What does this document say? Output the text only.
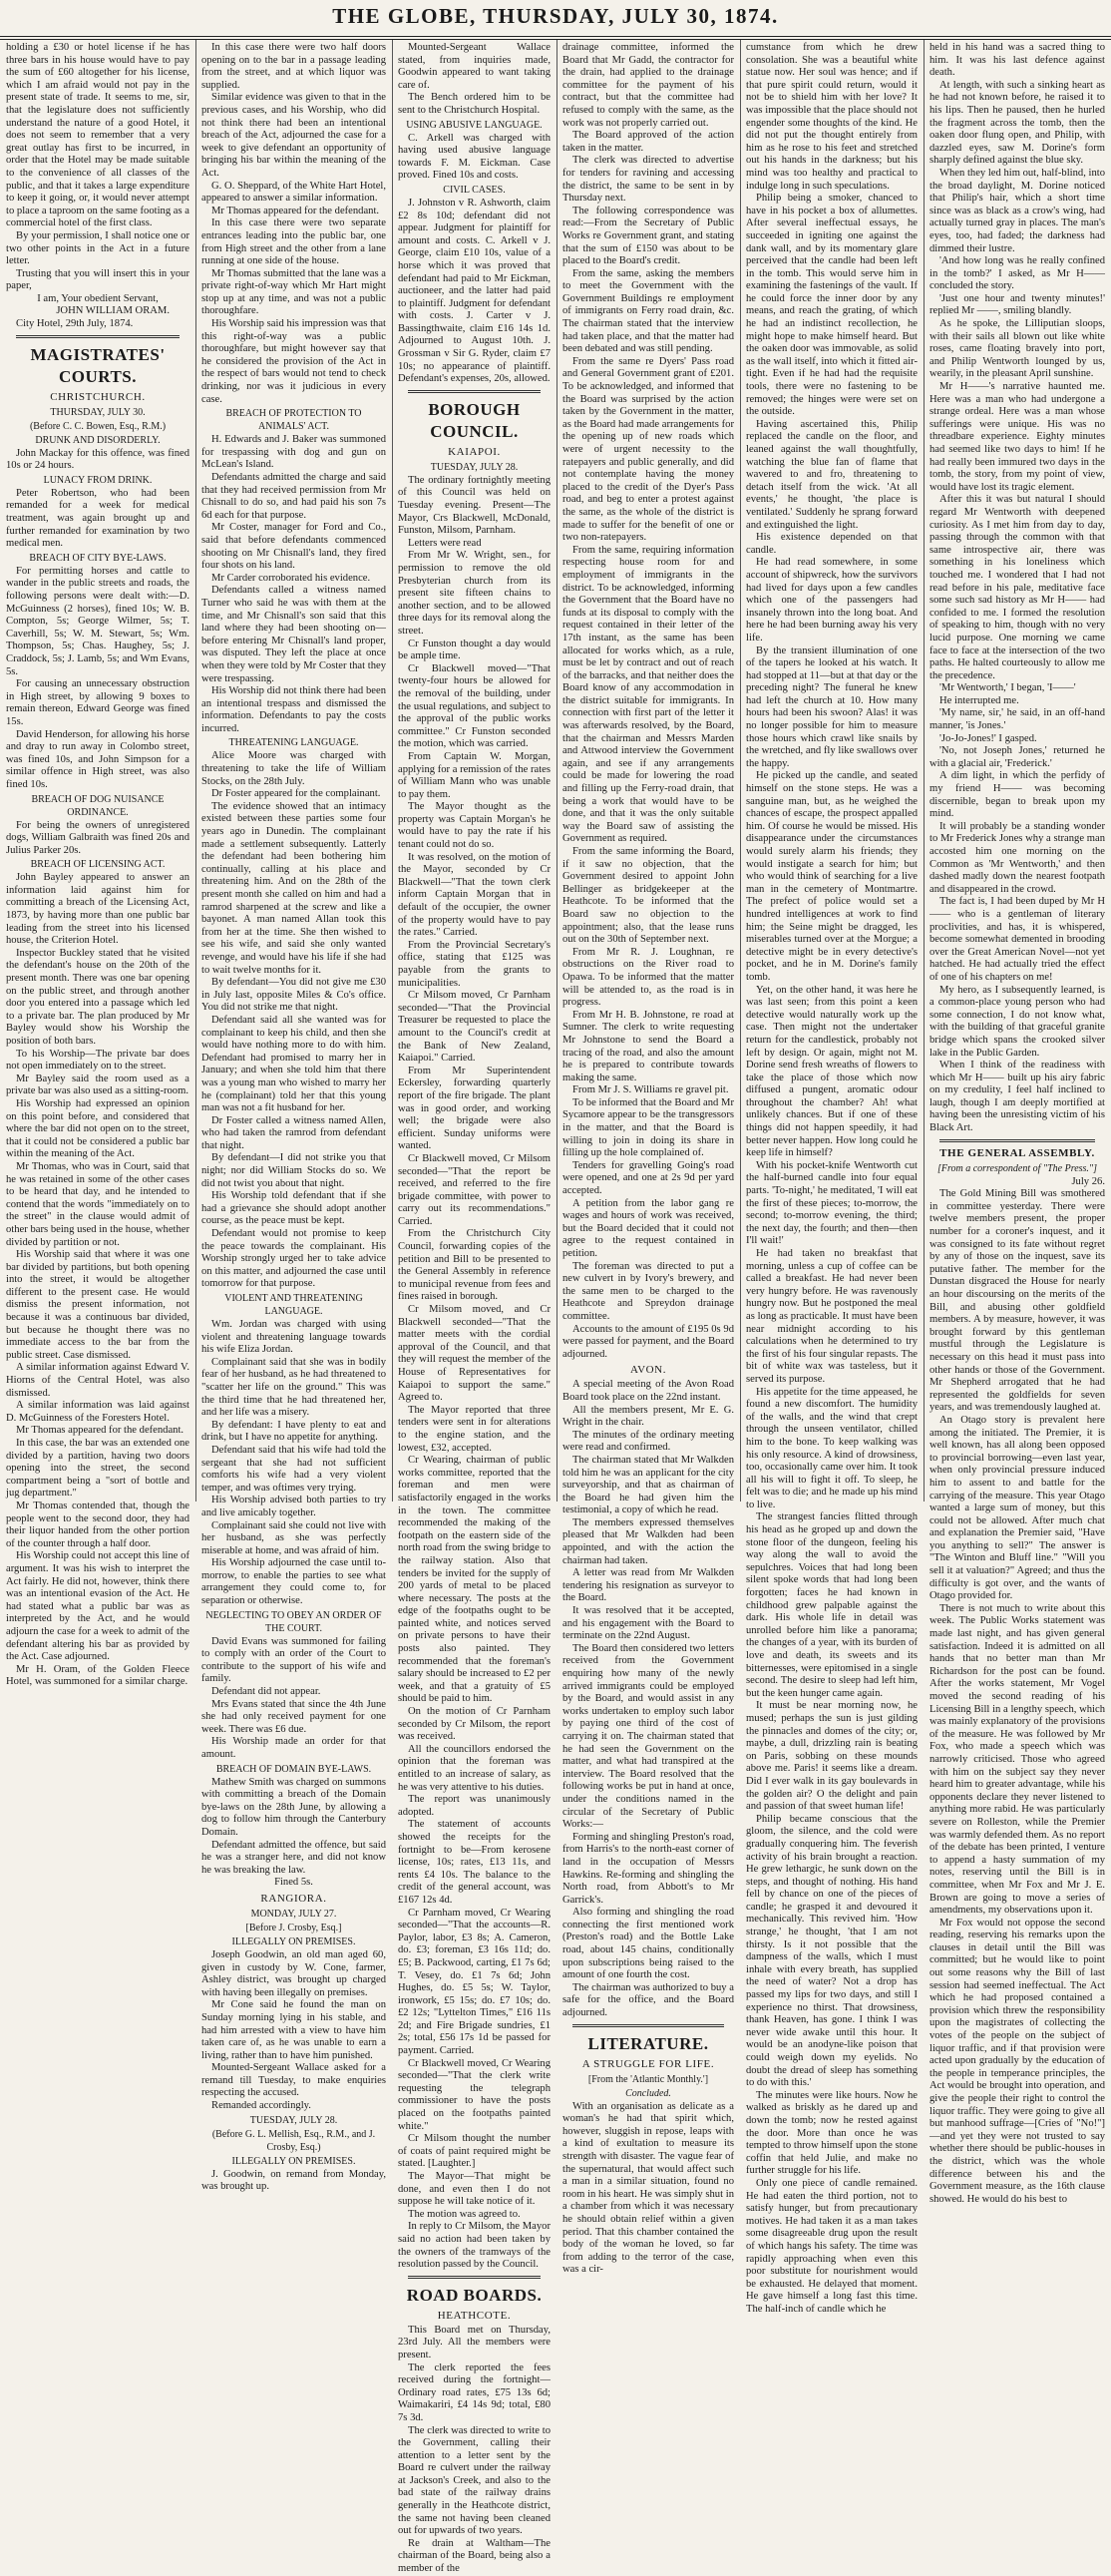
THE GLOBE, THURSDAY, JULY 30, 1874.

holding a £30 or hotel license if he has three bars in his house would have to pay the sum of £60 altogether for his license, which I am afraid would not pay in the present state of trade. It seems to me, sir, that the legislature does not sufficiently understand the nature of a good Hotel, it does not seem to remember that a very great outlay has first to be incurred, in order that the Hotel may be made suitable to the convenience of all classes of the public, and that it takes a large expenditure to keep it going, or, it would never attempt to place a taproom on the same footing as a commercial hotel of the first class.

By your permission, I shall notice one or two other points in the Act in a future letter.

Trusting that you will insert this in your paper,

I am, Your obedient Servant,

JOHN WILLIAM ORAM.

City Hotel, 29th July, 1874.

MAGISTRATES' COURTS.
CHRISTCHURCH.
THURSDAY, JULY 30.
(Before C. C. Bowen, Esq., R.M.)
DRUNK AND DISORDERLY.

John Mackay for this offence, was fined 10s or 24 hours.

LUNACY FROM DRINK.

Peter Robertson, who had been remanded for a week for medical treatment, was again brought up and further remanded for examination by two medical men.

BREACH OF CITY BYE-LAWS.

For permitting horses and cattle to wander in the public streets and roads, the following persons were dealt with:—D. McGuinness (2 horses), fined 10s; W. B. Compton, 5s; George Wilmer, 5s; T. Caverhill, 5s; W. M. Stewart, 5s; Wm. Thompson, 5s; Chas. Haughey, 5s; J. Craddock, 5s; J. Lamb, 5s; and Wm Evans, 5s.

For causing an unnecessary obstruction in High street, by allowing 9 boxes to remain thereon, Edward George was fined 15s.

David Henderson, for allowing his horse and dray to run away in Colombo street, was fined 10s, and John Simpson for a similar offence in High street, was also fined 10s.

BREACH OF DOG NUISANCE ORDINANCE.

For being the owners of unregistered dogs, William Galbraith was fined 20s and Julius Parker 20s.

BREACH OF LICENSING ACT.

John Bayley appeared to answer an information laid against him for committing a breach of the Licensing Act, 1873, by having more than one public bar leading from the street into his licensed house, the Criterion Hotel.

Inspector Buckley stated that he visited the defendant's house on the 20th of the present month. There was one bar opening on the public street, and through another door you entered into a passage which led to a private bar. The plan produced by Mr Bayley would show his Worship the position of both bars.

To his Worship—The private bar does not open immediately on to the street.

Mr Bayley said the room used as a private bar was also used as a sitting-room.

His Worship had expressed an opinion on this point before, and considered that where the bar did not open on to the street, that it could not be considered a public bar within the meaning of the Act.

Mr Thomas, who was in Court, said that he was retained in some of the other cases to be heard that day, and he intended to contend that the words "immediately on to the street" in the clause would admit of other bars being used in the house, whether divided by partition or not.

His Worship said that where it was one bar divided by partitions, but both opening into the street, it would be altogether different to the present case. He would dismiss the present information, not because it was a continuous bar divided, but because he thought there was no immediate access to the bar from the public street. Case dismissed.

A similar information against Edward V. Hiorns of the Central Hotel, was also dismissed.

A similar information was laid against D. McGuinness of the Foresters Hotel.

Mr Thomas appeared for the defendant.

In this case, the bar was an extended one divided by a partition, having two doors opening into the street, the second compartment being a "sort of bottle and jug department."

Mr Thomas contended that, though the people went to the second door, they had their liquor handed from the other portion of the counter through a half door.

His Worship could not accept this line of argument. It was his wish to interpret the Act fairly. He did not, however, think there was an intentional evasion of the Act. He had stated what a public bar was as interpreted by the Act, and he would adjourn the case for a week to admit of the defendant altering his bar as provided by the Act. Case adjourned.

Mr H. Oram, of the Golden Fleece Hotel, was summoned for a similar charge.

In this case there were two half doors opening on to the bar in a passage leading from the street, and at which liquor was supplied.

Similar evidence was given to that in the previous cases, and his Worship, who did not think there had been an intentional breach of the Act, adjourned the case for a week to give defendant an opportunity of bringing his bar within the meaning of the Act.

G. O. Sheppard, of the White Hart Hotel, appeared to answer a similar information.

Mr Thomas appeared for the defendant.

In this case there were two separate entrances leading into the public bar, one from High street and the other from a lane running at one side of the house.

Mr Thomas submitted that the lane was a private right-of-way which Mr Hart might stop up at any time, and was not a public thoroughfare.

His Worship said his impression was that this right-of-way was a public thoroughfare, but might however say that he considered the provision of the Act in the respect of bars would not tend to check drinking, nor was it judicious in every case.

BREACH OF PROTECTION TO ANIMALS' ACT.

H. Edwards and J. Baker was summoned for trespassing with dog and gun on McLean's Island.

Defendants admitted the charge and said that they had received permission from Mr Chisnall to do so, and had paid his son 7s 6d each for that purpose.

Mr Coster, manager for Ford and Co., said that before defendants commenced shooting on Mr Chisnall's land, they fired four shots on his land.

Mr Carder corroborated his evidence.

Defendants called a witness named Turner who said he was with them at the time, and Mr Chisnall's son said that this land where they had been shooting on—before entering Mr Chisnall's land proper, was disputed. They left the place at once when they were told by Mr Coster that they were trespassing.

His Worship did not think there had been an intentional trespass and dismissed the information. Defendants to pay the costs incurred.

THREATENING LANGUAGE.

Alice Moore was charged with threatening to take the life of William Stocks, on the 28th July.

Dr Foster appeared for the complainant.

The evidence showed that an intimacy existed between these parties some four years ago in Dunedin. The complainant made a settlement subsequently. Latterly the defendant had been bothering him continually, calling at his place and threatening him. And on the 28th of the present month she called on him and had a ramrod sharpened at the screw and like a bayonet. A man named Allan took this from her at the time. She then wished to see his wife, and said she only wanted revenge, and would have his life if she had to wait twelve months for it.

By defendant—You did not give me £30 in July last, opposite Miles & Co's office. You did not strike me that night.

Defendant said all she wanted was for complainant to keep his child, and then she would have nothing more to do with him. Defendant had promised to marry her in January; and when she told him that there was a young man who wished to marry her he (complainant) told her that this young man was not a fit husband for her.

Dr Foster called a witness named Allen, who had taken the ramrod from defendant that night.

By defendant—I did not strike you that night; nor did William Stocks do so. We did not twist you about that night.

His Worship told defendant that if she had a grievance she should adopt another course, as the peace must be kept.

Defendant would not promise to keep the peace towards the complainant. His Worship strongly urged her to take advice on this matter, and adjourned the case until tomorrow for that purpose.

VIOLENT AND THREATENING LANGUAGE.

Wm. Jordan was charged with using violent and threatening language towards his wife Eliza Jordan.

Complainant said that she was in bodily fear of her husband, as he had threatened to "scatter her life on the ground." This was the third time that he had threatened her, and her life was a misery.

By defendant: I have plenty to eat and drink, but I have no appetite for anything.

Defendant said that his wife had told the sergeant that she had not sufficient comforts his wife had a very violent temper, and was oftimes very trying.

His Worship advised both parties to try and live amicably together.

Complainant said she could not live with her husband, as she was perfectly miserable at home, and was afraid of him.

His Worship adjourned the case until to-morrow, to enable the parties to see what arrangement they could come to, for separation or otherwise.

NEGLECTING TO OBEY AN ORDER OF THE COURT.

David Evans was summoned for failing to comply with an order of the Court to contribute to the support of his wife and family.

Defendant did not appear.

Mrs Evans stated that since the 4th June she had only received payment for one week. There was £6 due.

His Worship made an order for that amount.

BREACH OF DOMAIN BYE-LAWS.

Mathew Smith was charged on summons with committing a breach of the Domain bye-laws on the 28th June, by allowing a dog to follow him through the Canterbury Domain.

Defendant admitted the offence, but said he was a stranger here, and did not know he was breaking the law.

Fined 5s.

RANGIORA.
MONDAY, JULY 27.
[Before J. Crosby, Esq.]
ILLEGALLY ON PREMISES.

Joseph Goodwin, an old man aged 60, given in custody by W. Cone, farmer, Ashley district, was brought up charged with having been illegally on premises.

Mr Cone said he found the man on Sunday morning lying in his stable, and had him arrested with a view to have him taken care of, as he was unable to earn a living, rather than to have him punished.

Mounted-Sergeant Wallace asked for a remand till Tuesday, to make enquiries respecting the accused.

Remanded accordingly.

TUESDAY, JULY 28.
(Before G. L. Mellish, Esq., R.M., and J. Crosby, Esq.)
ILLEGALLY ON PREMISES.

J. Goodwin, on remand from Monday, was brought up.

Mounted-Sergeant Wallace stated, from inquiries made, Goodwin appeared to want taking care of.

The Bench ordered him to be sent to the Christchurch Hospital.

USING ABUSIVE LANGUAGE.

C. Arkell was charged with having used abusive language towards F. M. Eickman. Case proved. Fined 10s and costs.

CIVIL CASES.

J. Johnston v R. Ashworth, claim £2 8s 10d; defendant did not appear. Judgment for plaintiff for amount and costs. C. Arkell v J. George, claim £10 10s, value of a horse which it was proved that defendant had paid to Mr Eickman, auctioneer, and the latter had paid to plaintiff. Judgment for defendant with costs. J. Carter v J. Bassingthwaite, claim £16 14s 1d. Adjourned to August 10th. J. Grossman v Sir G. Ryder, claim £7 10s; no appearance of plaintiff. Defendant's expenses, 20s, allowed.

BOROUGH COUNCIL.
KAIAPOI.
TUESDAY, JULY 28.

The ordinary fortnightly meeting of this Council was held on Tuesday evening. Present—The Mayor, Crs Blackwell, McDonald, Funston, Milsom, Parnham.

Letters were read

From Mr W. Wright, sen., for permission to remove the old Presbyterian church from its present site fifteen chains to another section, and to be allowed three days for its removal along the street.

Cr Funston thought a day would be ample time.

Cr Blackwell moved—"That twenty-four hours be allowed for the removal of the building, under the usual regulations, and subject to the approval of the public works committee." Cr Funston seconded the motion, which was carried.

From Captain W. Morgan, applying for a remission of the rates of William Mann who was unable to pay them.

The Mayor thought as the property was Captain Morgan's he would have to pay the rate if his tenant could not do so.

It was resolved, on the motion of the Mayor, seconded by Cr Blackwell—"That the town clerk inform Captain Morgan that in default of the occupier, the owner of the property would have to pay the rates." Carried.

From the Provincial Secretary's office, stating that £125 was payable from the grants to municipalities.

Cr Milsom moved, Cr Parnham seconded—"That the Provincial Treasurer be requested to place the amount to the Council's credit at the Bank of New Zealand, Kaiapoi." Carried.

From Mr Superintendent Eckersley, forwarding quarterly report of the fire brigade. The plant was in good order, and working well; the brigade were also efficient. Sunday uniforms were wanted.

Cr Blackwell moved, Cr Milsom seconded—"That the report be received, and referred to the fire brigade committee, with power to carry out its recommendations." Carried.

From the Christchurch City Council, forwarding copies of the petition and Bill to be presented to the General Assembly in reference to municipal revenue from fees and fines raised in borough.

Cr Milsom moved, and Cr Blackwell seconded—"That the matter meets with the cordial approval of the Council, and that they will request the member of the House of Representatives for Kaiapoi to support the same." Agreed to.

The Mayor reported that three tenders were sent in for alterations to the engine station, and the lowest, £32, accepted.

Cr Wearing, chairman of public works committee, reported that the foreman and men were satisfactorily engaged in the works in the town. The committee recommended the making of the footpath on the eastern side of the north road from the swing bridge to the railway station. Also that tenders be invited for the supply of 200 yards of metal to be placed where necessary. The posts at the edge of the footpaths ought to be painted white, and notices served on private persons to have their posts also painted. They recommended that the foreman's salary should be increased to £2 per week, and that a gratuity of £5 should be paid to him.

On the motion of Cr Parnham seconded by Cr Milsom, the report was received.

All the councillors endorsed the opinion that the foreman was entitled to an increase of salary, as he was very attentive to his duties.

The report was unanimously adopted.

The statement of accounts showed the receipts for the fortnight to be—From kerosene license, 10s; rates, £13 11s, and rents £4 10s. The balance to the credit of the general account, was £167 12s 4d.

Cr Parnham moved, Cr Wearing seconded—"That the accounts—R. Paylor, labor, £3 8s; A. Cameron, do. £3; foreman, £3 16s 11d; do. £5; B. Packwood, carting, £1 7s 6d; T. Vesey, do. £1 7s 6d; John Hughes, do. £5 5s; W. Taylor, ironwork, £5 15s; do. £7 10s; do. £2 12s; "Lyttelton Times," £16 11s 2d; and Fire Brigade sundries, £1 2s; total, £56 17s 1d be passed for payment. Carried.

Cr Blackwell moved, Cr Wearing seconded—"That the clerk write requesting the telegraph commissioner to have the posts placed on the footpaths painted white."

Cr Milsom thought the number of coats of paint required might be stated. [Laughter.]

The Mayor—That might be done, and even then I do not suppose he will take notice of it.

The motion was agreed to.

In reply to Cr Milsom, the Mayor said no action had been taken by the owners of the tramways of the resolution passed by the Council.

ROAD BOARDS.
HEATHCOTE.

This Board met on Thursday, 23rd July. All the members were present.

The clerk reported the fees received during the fortnight—Ordinary road rates, £75 13s 6d; Waimakariri, £4 14s 9d; total, £80 7s 3d.

The clerk was directed to write to the Government, calling their attention to a letter sent by the Board re culvert under the railway at Jackson's Creek, and also to the bad state of the railway drains generally in the Heathcote district, the same not having been cleaned out for upwards of two years.

Re drain at Waltham—The chairman of the Board, being also a member of the

drainage committee, informed the Board that Mr Gadd, the contractor for the drain, had applied to the drainage committee for the payment of his contract, but that the committee had refused to comply with the same, as the work was not properly carried out.

The Board approved of the action taken in the matter.

The clerk was directed to advertise for tenders for ravining and accessing the district, the same to be sent in by Thursday next.

The following correspondence was read:—From the Secretary of Public Works re Government grant, and stating that the sum of £150 was about to be placed to the Board's credit.

From the same, asking the members to meet the Government with the Government Buildings re employment of immigrants on Ferry road drain, &c. The chairman stated that the interview had taken place, and that the matter had been debated and was still pending.

From the same re Dyers' Pass road and General Government grant of £201. To be acknowledged, and informed that the Board was surprised by the action taken by the Government in the matter, as the Board had made arrangements for the opening up of new roads which were of urgent necessity to the ratepayers and public generally, and did not contemplate having the money placed to the credit of the Dyer's Pass road, and beg to enter a protest against the same, as the whole of the district is made to suffer for the benefit of one or two non-ratepayers.

From the same, requiring information respecting house room for and employment of immigrants in the district. To be acknowledged, informing the Government that the Board have no funds at its disposal to comply with the request contained in their letter of the 17th instant, as the same has been allocated for works which, as a rule, must be let by contract and out of reach of the barracks, and that neither does the Board know of any accommodation in the district suitable for immigrants. In connection with first part of the letter it was afterwards resolved, by the Board, that the chairman and Messrs Marden and Attwood interview the Government again, and see if any arrangements could be made for lowering the road and filling up the Ferry-road drain, that being a work that would have to be done, and that it was the only suitable way the Board saw of assisting the Government as required.

From the same informing the Board, if it saw no objection, that the Government desired to appoint John Bellinger as bridgekeeper at the Heathcote. To be informed that the Board saw no objection to the appointment; also, that the lease runs out on the 30th of September next.

From Mr R. J. Loughnan, re obstructions on the River road to Opawa. To be informed that the matter will be attended to, as the road is in progress.

From Mr H. B. Johnstone, re road at Sumner. The clerk to write requesting Mr Johnstone to send the Board a tracing of the road, and also the amount he is prepared to contribute towards making the same.

From Mr J. S. Williams re gravel pit.

To be informed that the Board and Mr Sycamore appear to be the transgressors in the matter, and that the Board is willing to join in doing its share in filling up the hole complained of.

Tenders for gravelling Going's road were opened, and one at 2s 9d per yard accepted.

A petition from the labor gang re wages and hours of work was received, but the Board decided that it could not agree to the request contained in petition.

The foreman was directed to put a new culvert in by Ivory's brewery, and the same men to be charged to the Heathcote and Spreydon drainage committee.

Accounts to the amount of £195 0s 9d were passed for payment, and the Board adjourned.

AVON.

A special meeting of the Avon Road Board took place on the 22nd instant.

All the members present, Mr E. G. Wright in the chair.

The minutes of the ordinary meeting were read and confirmed.

The chairman stated that Mr Walkden told him he was an applicant for the city surveyorship, and that as chairman of the Board he had given him the testimonial, a copy of which he read.

The members expressed themselves pleased that Mr Walkden had been appointed, and with the action the chairman had taken.

A letter was read from Mr Walkden tendering his resignation as surveyor to the Board.

It was resolved that it be accepted, and his engagement with the Board to terminate on the 22nd August.

The Board then considered two letters received from the Government enquiring how many of the newly arrived immigrants could be employed by the Board, and would assist in any works undertaken to employ such labor by paying one third of the cost of carrying it on. The chairman stated that he had seen the Government on the matter, and what had transpired at the interview. The Board resolved that the following works be put in hand at once, under the conditions named in the circular of the Secretary of Public Works:—

Forming and shingling Preston's road, from Harris's to the north-east corner of land in the occupation of Messrs Hawkins. Re-forming and shingling the North road, from Abbott's to Mr Garrick's.

Also forming and shingling the road connecting the first mentioned work (Preston's road) and the Bottle Lake road, about 145 chains, conditionally upon subscriptions being raised to the amount of one fourth the cost.

The chairman was authorized to buy a safe for the office, and the Board adjourned.

LITERATURE.
A STRUGGLE FOR LIFE.
[From the 'Atlantic Monthly.']
Concluded.

With an organisation as delicate as a woman's he had that spirit which, however, sluggish in repose, leaps with a kind of exultation to measure its strength with disaster. The vague fear of the supernatural, that would affect such a man in a similar situation, found no room in his heart. He was simply shut in a chamber from which it was necessary he should obtain relief within a given period. That this chamber contained the body of the woman he loved, so far from adding to the terror of the case, was a cir-

cumstance from which he drew consolation. She was a beautiful white statue now. Her soul was hence; and if that pure spirit could return, would it not be to shield him with her love? It was impossible that the place should not engender some thoughts of the kind. He did not put the thought entirely from him as he rose to his feet and stretched out his hands in the darkness; but his mind was too healthy and practical to indulge long in such speculations.

Philip being a smoker, chanced to have in his pocket a box of allumettes. After several ineffectual essays, he succeeded in igniting one against the dank wall, and by its momentary glare perceived that the candle had been left in the tomb. This would serve him in examining the fastenings of the vault. If he could force the inner door by any means, and reach the grating, of which he had an indistinct recollection, he might hope to make himself heard. But the oaken door was immovable, as solid as the wall itself, into which it fitted air-tight. Even if he had had the requisite tools, there were no fastening to be removed; the hinges were were set on the outside.

Having ascertained this, Philip replaced the candle on the floor, and leaned against the wall thoughtfully, watching the blue fan of flame that wavered to and fro, threatening to detach itself from the wick. 'At all events,' he thought, 'the place is ventilated.' Suddenly he sprang forward and extinguished the light.

His existence depended on that candle.

He had read somewhere, in some account of shipwreck, how the survivors had lived for days upon a few candles which one of the passengers had insanely thrown into the long boat. And here he had been burning away his very life.

By the transient illumination of one of the tapers he looked at his watch. It had stopped at 11—but at that day or the preceding night? The funeral he knew had left the church at 10. How many hours had been his swoon? Alas! it was no longer possible for him to measure those hours which crawl like snails by the wretched, and fly like swallows over the happy.

He picked up the candle, and seated himself on the stone steps. He was a sanguine man, but, as he weighed the chances of escape, the prospect appalled him. Of course he would be missed. His disappearance under the circumstances would surely alarm his friends; they would instigate a search for him; but who would think of searching for a live man in the cemetery of Montmartre. The prefect of police would set a hundred intelligences at work to find him; the Seine might be dragged, les miserables turned over at the Morgue; a detective might be in every detective's pocket, and he in M. Dorine's family tomb.

Yet, on the other hand, it was here he was last seen; from this point a keen detective would naturally work up the case. Then might not the undertaker return for the candlestick, probably not left by design. Or again, might not M. Dorine send fresh wreaths of flowers to take the place of those which now diffused a pungent, aromatic odour throughout the chamber? Ah! what unlikely chances. But if one of these things did not happen speedily, it had better never happen. How long could he keep life in himself?

With his pocket-knife Wentworth cut the half-burned candle into four equal parts. 'To-night,' he meditated, 'I will eat the first of these pieces; to-morrow, the second; to-morrow evening, the third; the next day, the fourth; and then—then I'll wait!'

He had taken no breakfast that morning, unless a cup of coffee can be called a breakfast. He had never been very hungry before. He was ravenously hungry now. But he postponed the meal as long as practicable. It must have been near midnight according to his calculations when he determined to try the first of his four singular repasts. The bit of white wax was tasteless, but it served its purpose.

His appetite for the time appeased, he found a new discomfort. The humidity of the walls, and the wind that crept through the unseen ventilator, chilled him to the bone. To keep walking was his only resource. A kind of drowsiness, too, occasionally came over him. It took all his will to fight it off. To sleep, he felt was to die; and he made up his mind to live.

The strangest fancies flitted through his head as he groped up and down the stone floor of the dungeon, feeling his way along the wall to avoid the sepulchres. Voices that had long been silent spoke words that had long been forgotten; faces he had known in childhood grew palpable against the dark. His whole life in detail was unrolled before him like a panorama; the changes of a year, with its burden of love and death, its sweets and its bitternesses, were epitomised in a single second. The desire to sleep had left him, but the keen hunger came again.

It must be near morning now, he mused; perhaps the sun is just gilding the pinnacles and domes of the city; or, maybe, a dull, drizzling rain is beating on Paris, sobbing on these mounds above me. Paris! it seems like a dream. Did I ever walk in its gay boulevards in the golden air? O the delight and pain and passion of that sweet human life!

Philip became conscious that the gloom, the silence, and the cold were gradually conquering him. The feverish activity of his brain brought a reaction. He grew lethargic, he sunk down on the steps, and thought of nothing. His hand fell by chance on one of the pieces of candle; he grasped it and devoured it mechanically. This revived him. 'How strange,' he thought, 'that I am not thirsty. Is it not possible that the dampness of the walls, which I must inhale with every breath, has supplied the need of water? Not a drop has passed my lips for two days, and still I experience no thirst. That drowsiness, thank Heaven, has gone. I think I was never wide awake until this hour. It would be an anodyne-like poison that could weigh down my eyelids. No doubt the dread of sleep has something to do with this.'

The minutes were like hours. Now he walked as briskly as he dared up and down the tomb; now he rested against the door. More than once he was tempted to throw himself upon the stone coffin that held Julie, and make no further struggle for his life.

Only one piece of candle remained. He had eaten the third portion, not to satisfy hunger, but from precautionary motives. He had taken it as a man takes some disagreeable drug upon the result of which hangs his safety. The time was rapidly approaching when even this poor substitute for nourishment would be exhausted. He delayed that moment. He gave himself a long fast this time. The half-inch of candle which he

held in his hand was a sacred thing to him. It was his last defence against death.

At length, with such a sinking heart as he had not known before, he raised it to his lips. Then he paused, then he hurled the fragment across the tomb, then the oaken door flung open, and Philip, with dazzled eyes, saw M. Dorine's form sharply defined against the blue sky.

When they led him out, half-blind, into the broad daylight, M. Dorine noticed that Philip's hair, which a short time since was as black as a crow's wing, had actually turned gray in places. The man's eyes, too, had faded; the darkness had dimmed their lustre.

'And how long was he really confined in the tomb?' I asked, as Mr H—— concluded the story.

'Just one hour and twenty minutes!' replied Mr ——, smiling blandly.

As he spoke, the Lilliputian sloops, with their sails all blown out like white roses, came floating bravely into port, and Philip Wentworth lounged by us, wearily, in the pleasant April sunshine.

Mr H——'s narrative haunted me. Here was a man who had undergone a strange ordeal. Here was a man whose sufferings were unique. His was no threadbare experience. Eighty minutes had seemed like two days to him! If he had really been immured two days in the tomb, the story, from my point of view, would have lost its tragic element.

After this it was but natural I should regard Mr Wentworth with deepened curiosity. As I met him from day to day, passing through the common with that same introspective air, there was something in his loneliness which touched me. I wondered that I had not read before in his pale, meditative face some such sad history as Mr H—— had confided to me. I formed the resolution of speaking to him, though with no very lucid purpose. One morning we came face to face at the intersection of the two paths. He halted courteously to allow me the precedence.

'Mr Wentworth,' I began, 'I——'

He interrupted me.

'My name, sir,' he said, in an off-hand manner, 'is Jones.'

'Jo-Jo-Jones!' I gasped.

'No, not Joseph Jones,' returned he with a glacial air, 'Frederick.'

A dim light, in which the perfidy of my friend H—— was becoming discernible, began to break upon my mind.

It will probably be a standing wonder to Mr Frederick Jones why a strange man accosted him one morning on the Common as 'Mr Wentworth,' and then dashed madly down the nearest footpath and disappeared in the crowd.

The fact is, I had been duped by Mr H—— who is a gentleman of literary proclivities, and has, it is whispered, become somewhat demented in brooding over the Great American Novel—not yet hatched. He had actually tried the effect of one of his chapters on me!

My hero, as I subsequently learned, is a common-place young person who had some connection, I do not know what, with the building of that graceful granite bridge which spans the crooked silver lake in the Public Garden.

When I think of the readiness with which Mr H—— built up his airy fabric on my credulity, I feel half inclined to laugh, though I am deeply mortified at having been the unresisting victim of his Black Art.

THE GENERAL ASSEMBLY.
[From a correspondent of "The Press."]

July 26.

The Gold Mining Bill was smothered in committee yesterday. There were twelve members present, the proper number for a coroner's inquest, and it was consigned to its fate without regret by any of those on the inquest, save its putative father. The member for the Dunstan disgraced the House for nearly an hour discoursing on the merits of the Bill, and abusing other goldfield members. A by measure, however, it was brought forward by this gentleman mustful through the Legislature is necessary on this head it must pass into other hands or those of the Government. Mr Shepherd arrogated that he had represented the goldfields for seven years, and was tremendously laughed at.

An Otago story is prevalent here among the initiated. The Premier, it is well known, has all along been opposed to provincial borrowing—even last year, when only provincial pressure induced him to assent to and battle for the carrying of the measure. This year Otago wanted a large sum of money, but this could not be allowed. After much chat and explanation the Premier said, "Have you anything to sell?" The answer is "The Winton and Bluff line." "Will you sell it at valuation?" Agreed; and thus the difficulty is got over, and the wants of Otago provided for.

There is not much to write about this week. The Public Works statement was made last night, and has given general satisfaction. Indeed it is admitted on all hands that no better man than Mr Richardson for the post can be found. After the works statement, Mr Vogel moved the second reading of his Licensing Bill in a lengthy speech, which was mainly explanatory of the provisions of the measure. He was followed by Mr Fox, who made a speech which was narrowly criticised. Those who agreed with him on the subject say they never heard him to greater advantage, while his opponents declare they never listened to anything more rabid. He was particularly severe on Rolleston, while the Premier was warmly defended them. As no report of the debate has been printed, I venture to append a hasty summation of my notes, reserving until the Bill is in committee, when Mr Fox and Mr J. E. Brown are going to move a series of amendments, my observations upon it.

Mr Fox would not oppose the second reading, reserving his remarks upon the clauses in detail until the Bill was committed; but he would like to point out some reasons why the Bill of last session had seemed ineffectual. The Act which he had proposed contained a provision which threw the responsibility upon the magistrates of collecting the votes of the people on the subject of liquor traffic, and if that provision were acted upon gradually by the education of the people in temperance principles, the Act would be brought into operation, and give the people their right to control the liquor traffic. They were going to give all but manhood suffrage—[Cries of "No!"]—and yet they were not trusted to say whether there should be public-houses in the district, which was the whole difference between his and the Government measure, as the 16th clause showed. He would do his best to
